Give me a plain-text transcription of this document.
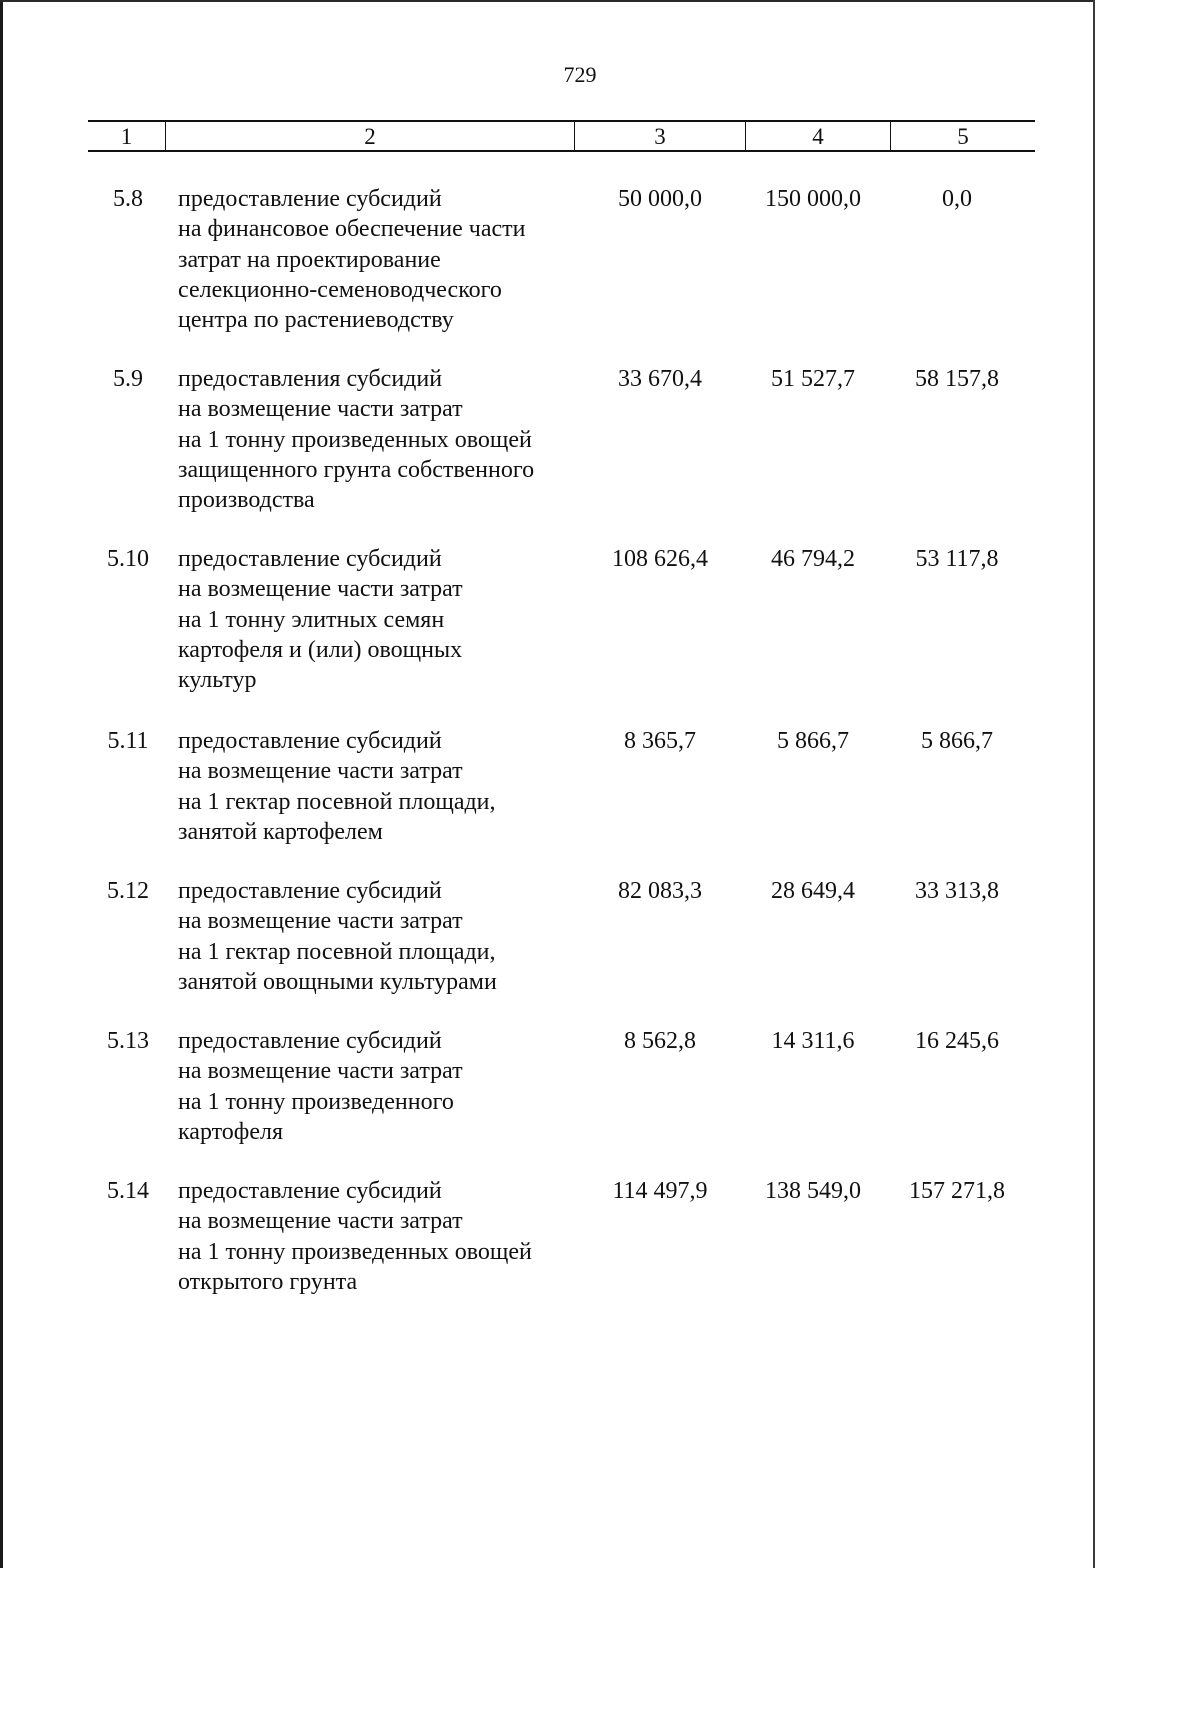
729
1	2	3	4	5
5.8	предоставление субсидий
на финансовое обеспечение части
затрат на проектирование
селекционно-семеноводческого
центра по растениеводству
50 000,0	150 000,0	0,0
5.9	предоставления субсидий
на возмещение части затрат
на 1 тонну произведенных овощей
защищенного грунта собственного
производства
33 670,4	51 527,7	58 157,8
5.10 предоставление субсидий
на возмещение части затрат
на 1 тонну элитных семян
картофеля и (или) овощных
культур
108 626,4	46 794,2	53 117,8
5.11	предоставление субсидий
на возмещение части затрат
на 1 гектар посевной площади,
занятой картофелем
8 365,7	5 866,7	5 866,7
5.12 предоставление субсидий
на возмещение части затрат
на 1 гектар посевной площади,
занятой овощными культурами
82 083,3	28 649,4	33 313,8
5.13 предоставление субсидий
на возмещение части затрат
на 1 тонну произведенного
картофеля
8 562,8	14 311,6	16 245,6
5.14 предоставление субсидий
на возмещение части затрат
на 1 тонну произведенных овощей
открытого грунта
114 497,9	138 549,0	157 271,8
